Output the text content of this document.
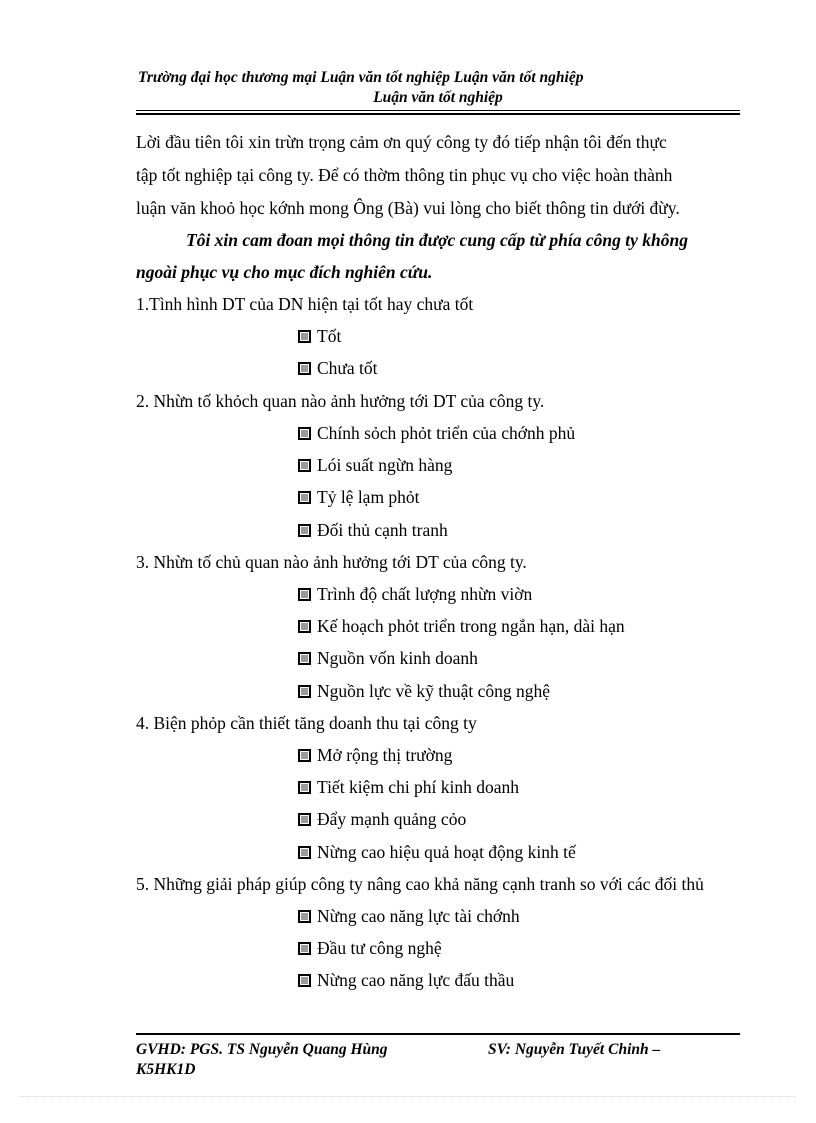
Trường đại học thương mại Luận văn tốt nghiệp Luận văn tốt nghiệp
Luận văn tốt nghiệp
Lời đầu tiên tôi xin trừn trọng cảm ơn quý công ty đó tiếp nhận tôi đến thực
tập tốt nghiệp tại công ty. Để có thờm thông tin phục vụ cho việc hoàn thành
luận văn khoỏ học kớnh mong Ông (Bà) vui lòng cho biết thông tin dưới đừy.
Tôi xin cam đoan mọi thông tin được cung cấp từ phía công ty không
ngoài phục vụ cho mục đích nghiên cứu.
1.Tình hình DT của DN hiện tại tốt hay chưa tốt
Tốt
Chưa tốt
2. Nhừn tố khỏch quan nào ảnh hưởng tới DT của công ty.
Chính sỏch phỏt triển của chớnh phủ
Lói suất ngừn hàng
Tỷ lệ lạm phỏt
Đối thủ cạnh tranh
3. Nhừn tố chủ quan nào ảnh hưởng tới DT của công ty.
Trình độ chất lượng nhừn viờn
Kế hoạch phỏt triển trong ngắn hạn, dài hạn
Nguồn vốn kinh doanh
Nguồn lực về kỹ thuật công nghệ
4. Biện phỏp cần thiết tăng doanh thu tại công ty
Mở rộng thị trường
Tiết kiệm chi phí kinh doanh
Đẩy mạnh quảng cỏo
Nừng cao hiệu quả hoạt động kinh tế
5. Những giải pháp giúp công ty nâng cao khả năng cạnh tranh so với các đối thủ
Nừng cao năng lực tài chớnh
Đầu tư công nghệ
Nừng cao năng lực đấu thầu
GVHD: PGS. TS Nguyễn Quang Hùng	SV: Nguyễn Tuyết Chinh –
K5HK1D
